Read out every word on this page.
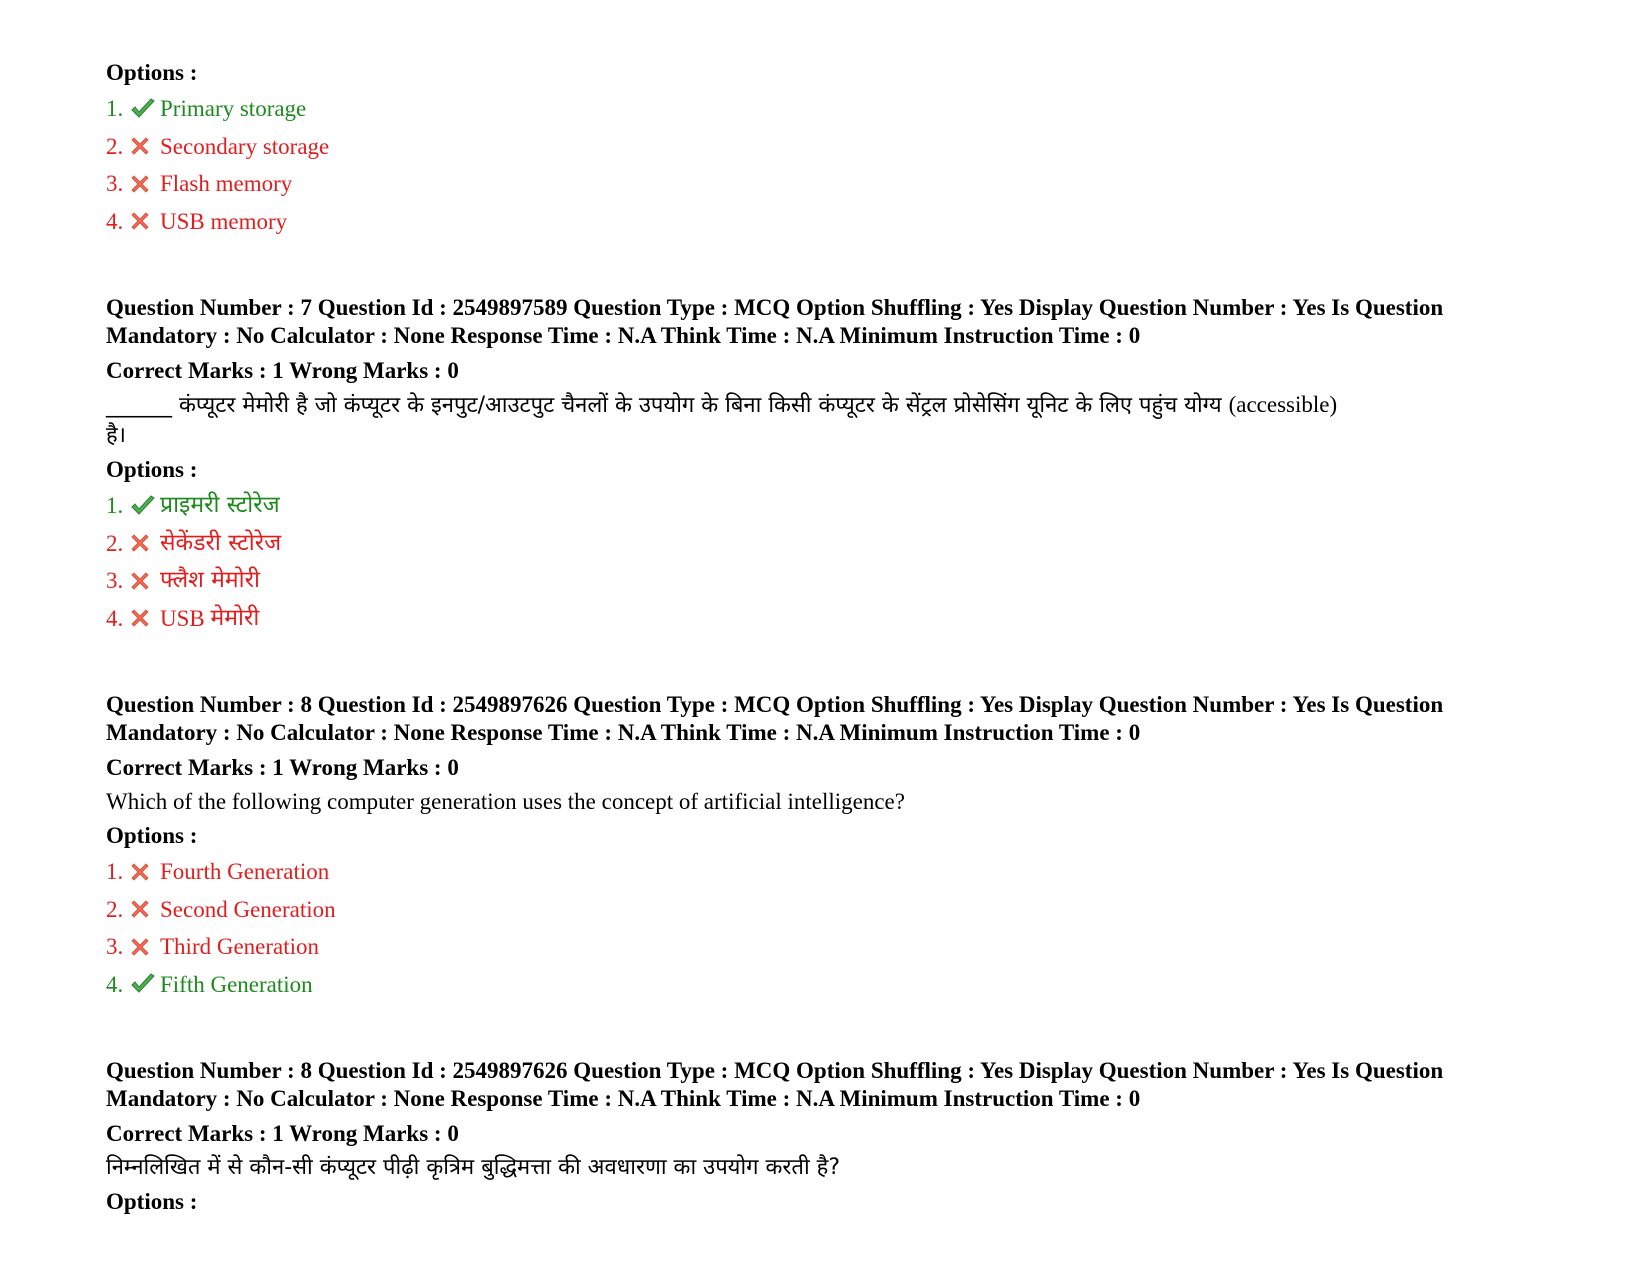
Options :
1. Primary storage
2. Secondary storage
3. Flash memory
4. USB memory
Question Number : 7 Question Id : 2549897589 Question Type : MCQ Option Shuffling : Yes Display Question Number : Yes Is Question
Mandatory : No Calculator : None Response Time : N.A Think Time : N.A Minimum Instruction Time : 0
Correct Marks : 1 Wrong Marks : 0
______ कंप्यूटर मेमोरी है जो कंप्यूटर के इनपुट/आउटपुट चैनलों के उपयोग के बिना किसी कंप्यूटर के सेंट्रल प्रोसेसिंग यूनिट के लिए पहुंच योग्य (accessible)
है।
Options :
1. प्राइमरी स्टोरेज
2. सेकेंडरी स्टोरेज
3. फ्लैश मेमोरी
4. USB
मेमोरी
Question Number : 8 Question Id : 2549897626 Question Type : MCQ Option Shuffling : Yes Display Question Number : Yes Is Question
Mandatory : No Calculator : None Response Time : N.A Think Time : N.A Minimum Instruction Time : 0
Correct Marks : 1 Wrong Marks : 0
Which of the following computer generation uses the concept of artificial intelligence?
Options :
1. Fourth Generation
2. Second Generation
3. Third Generation
4. Fifth Generation
Question Number : 8 Question Id : 2549897626 Question Type : MCQ Option Shuffling : Yes Display Question Number : Yes Is Question
Mandatory : No Calculator : None Response Time : N.A Think Time : N.A Minimum Instruction Time : 0
Correct Marks : 1 Wrong Marks : 0
निम्नलिखित में से कौन-सी कंप्यूटर पीढ़ी कृत्रिम बुद्धिमत्ता की अवधारणा का उपयोग करती है?
Options :
